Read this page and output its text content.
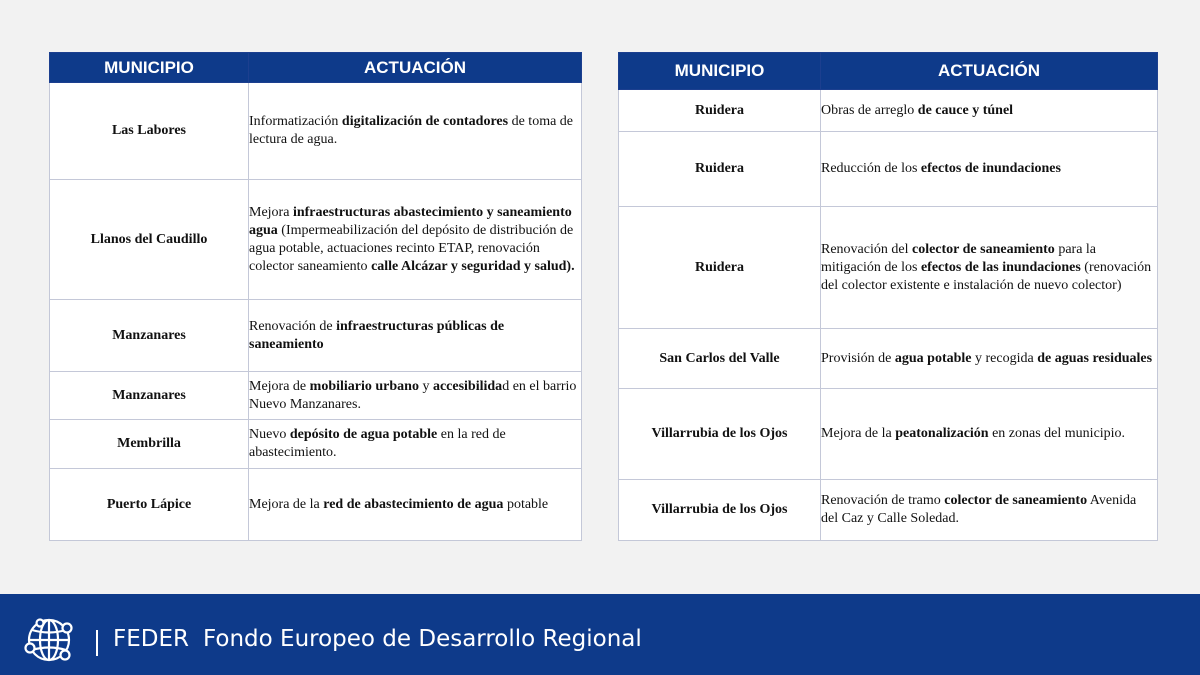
MUNICIPIO	ACTUACIÓN
Las Labores	Informatización digitalización de contadores de toma de lectura de agua.
Llanos del Caudillo	Mejora infraestructuras abastecimiento y saneamiento agua (Impermeabilización del depósito de distribución de agua potable, actuaciones recinto ETAP, renovación colector saneamiento calle Alcázar y seguridad y salud).
Manzanares	Renovación de infraestructuras públicas de saneamiento
Manzanares	Mejora de mobiliario urbano y accesibilidad en el barrio Nuevo Manzanares.
Membrilla	Nuevo depósito de agua potable en la red de abastecimiento.
Puerto Lápice	Mejora de la red de abastecimiento de agua potable
MUNICIPIO	ACTUACIÓN
Ruidera	Obras de arreglo de cauce y túnel
Ruidera	Reducción de los efectos de inundaciones
Ruidera	Renovación del colector de saneamiento para la mitigación de los efectos de las inundaciones (renovación del colector existente e instalación de nuevo colector)
San Carlos del Valle	Provisión de agua potable y recogida de aguas residuales
Villarrubia de los Ojos	Mejora de la peatonalización en zonas del municipio.
Villarrubia de los Ojos	Renovación de tramo colector de saneamiento Avenida del Caz y Calle Soledad.
FEDER Fondo Europeo de Desarrollo Regional
